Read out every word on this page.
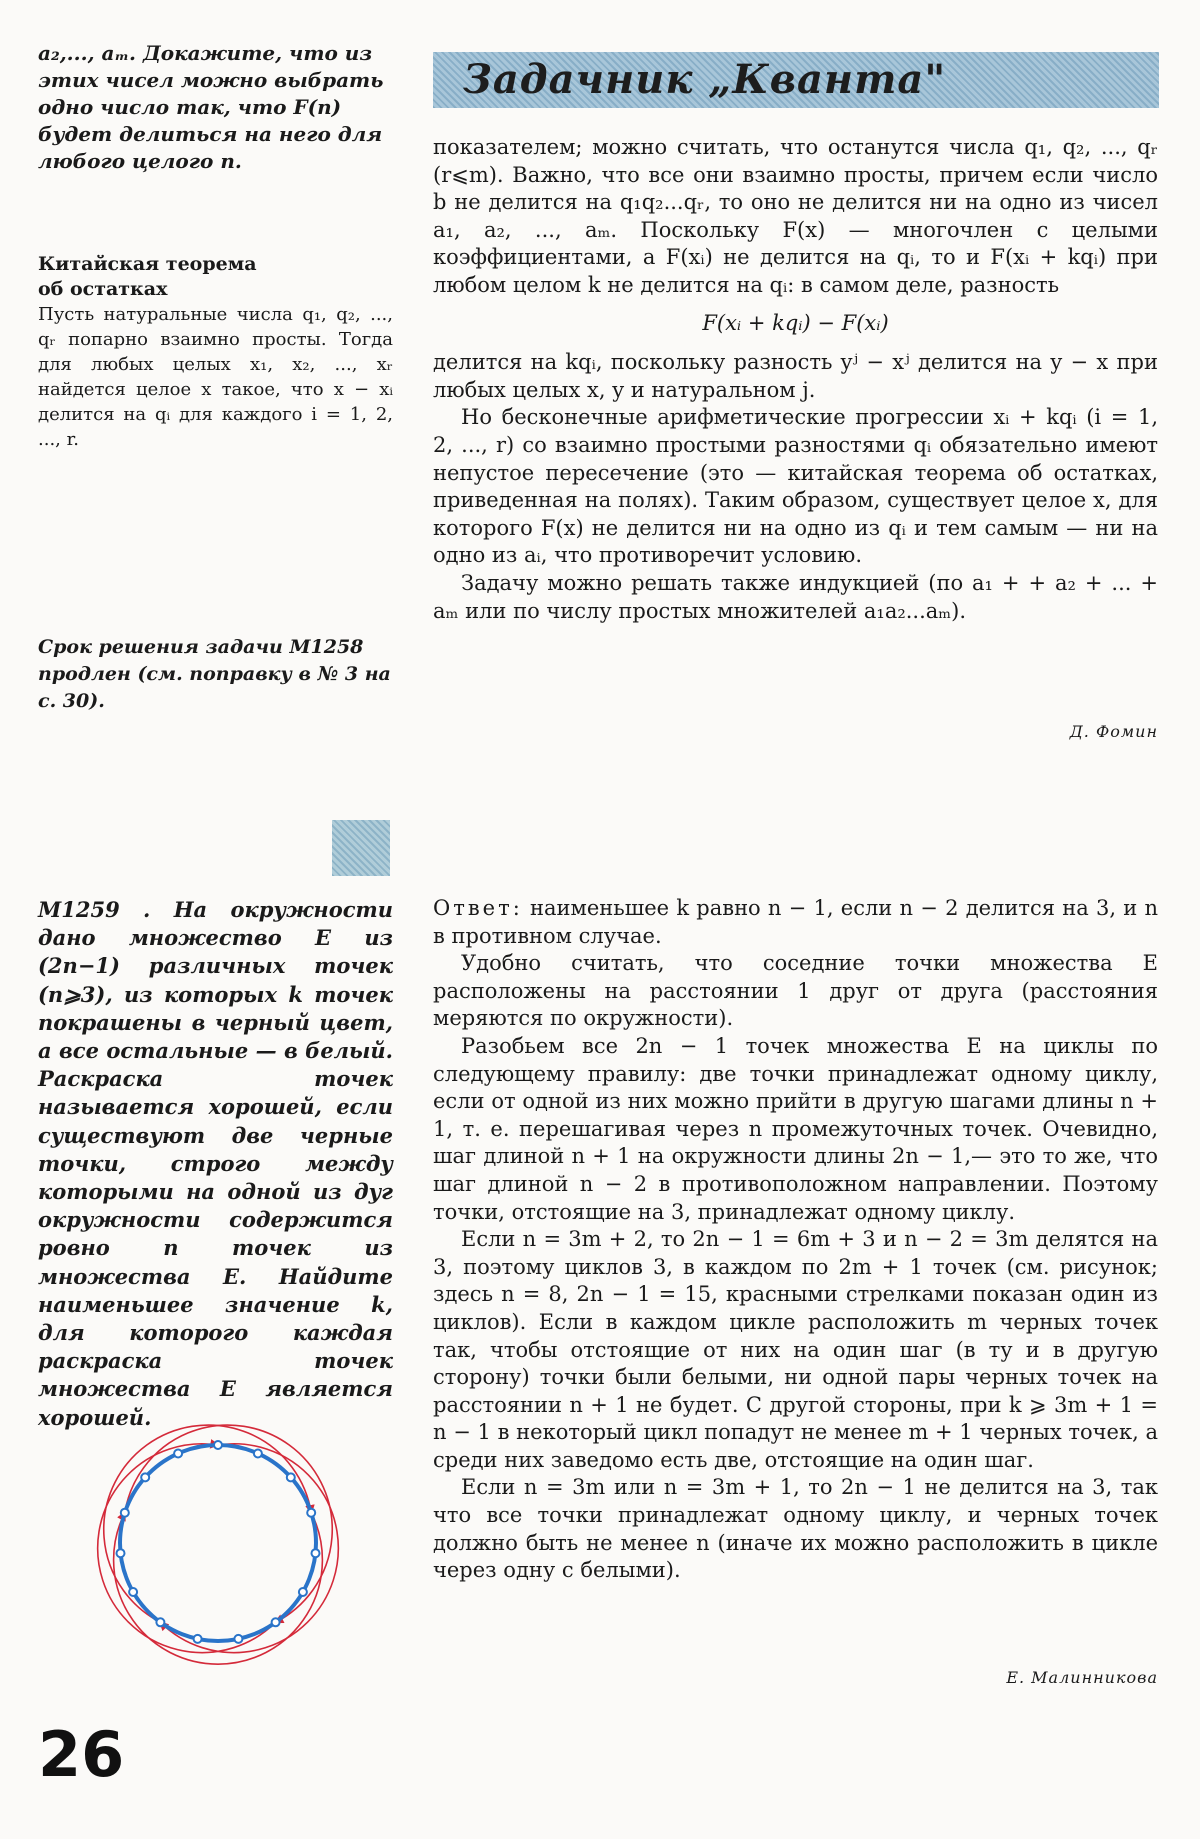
a₂,..., aₘ. Докажите, что из этих чисел можно выбрать одно число так, что F(n) будет делиться на него для любого целого n.

Китайская теорема

об остатках

Пусть натуральные числа q₁, q₂, ..., qᵣ попарно взаимно просты. Тогда для любых целых x₁, x₂, ..., xᵣ найдется целое x такое, что x − xᵢ делится на qᵢ для каждого i = 1, 2, ..., r.

Срок решения задачи М1258 продлен (см. поправку в № 3 на с. 30).

М1259 . На окружности дано множество E из (2n−1) различных точек (n⩾3), из которых k точек покрашены в черный цвет, а все остальные — в белый. Раскраска точек называется хорошей, если существуют две черные точки, строго между которыми на одной из дуг окружности содержится ровно n точек из множества E. Найдите наименьшее значение k, для которого каждая раскраска точек множества E является хорошей.

Задачник „Кванта"

показателем; можно считать, что останутся числа q₁, q₂, ..., qᵣ (r⩽m). Важно, что все они взаимно просты, причем если число b не делится на q₁q₂...qᵣ, то оно не делится ни на одно из чисел a₁, a₂, ..., aₘ. Поскольку F(x) — многочлен с целыми коэффициентами, а F(xᵢ) не делится на qᵢ, то и F(xᵢ + kqᵢ) при любом целом k не делится на qᵢ: в самом деле, разность

F(xᵢ + kqᵢ) − F(xᵢ)

делится на kqᵢ, поскольку разность yʲ − xʲ делится на y − x при любых целых x, y и натуральном j.

Но бесконечные арифметические прогрессии xᵢ + kqᵢ (i = 1, 2, ..., r) со взаимно простыми разностями qᵢ обязательно имеют непустое пересечение (это — китайская теорема об остатках, приведенная на полях). Таким образом, существует целое x, для которого F(x) не делится ни на одно из qᵢ и тем самым — ни на одно из aᵢ, что противоречит условию.

Задачу можно решать также индукцией (по a₁ + + a₂ + ... + aₘ или по числу простых множителей a₁a₂...aₘ).

Д. Фомин

Ответ: наименьшее k равно n − 1, если n − 2 делится на 3, и n в противном случае.

Удобно считать, что соседние точки множества E расположены на расстоянии 1 друг от друга (расстояния меряются по окружности).

Разобьем все 2n − 1 точек множества E на циклы по следующему правилу: две точки принадлежат одному циклу, если от одной из них можно прийти в другую шагами длины n + 1, т. е. перешагивая через n промежуточных точек. Очевидно, шаг длиной n + 1 на окружности длины 2n − 1,— это то же, что шаг длиной n − 2 в противоположном направлении. Поэтому точки, отстоящие на 3, принадлежат одному циклу.

Если n = 3m + 2, то 2n − 1 = 6m + 3 и n − 2 = 3m делятся на 3, поэтому циклов 3, в каждом по 2m + 1 точек (см. рисунок; здесь n = 8, 2n − 1 = 15, красными стрелками показан один из циклов). Если в каждом цикле расположить m черных точек так, чтобы отстоящие от них на один шаг (в ту и в другую сторону) точки были белыми, ни одной пары черных точек на расстоянии n + 1 не будет. С другой стороны, при k ⩾ 3m + 1 = n − 1 в некоторый цикл попадут не менее m + 1 черных точек, а среди них заведомо есть две, отстоящие на один шаг.

Если n = 3m или n = 3m + 1, то 2n − 1 не делится на 3, так что все точки принадлежат одному циклу, и черных точек должно быть не менее n (иначе их можно расположить в цикле через одну с белыми).

Е. Малинникова
26
